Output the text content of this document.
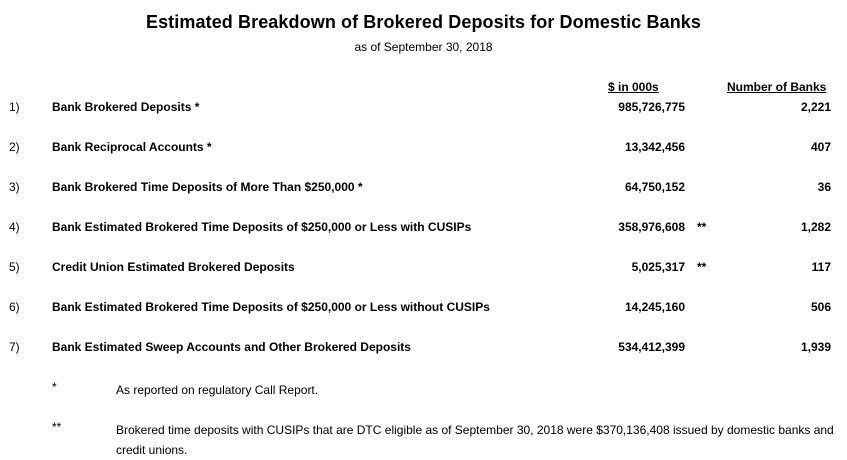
Estimated Breakdown of Brokered Deposits for Domestic Banks
as of September 30, 2018
$ in 000s	Number of Banks
1)	Bank Brokered Deposits *	985,726,775	2,221
2)	Bank Reciprocal Accounts *	13,342,456	407
3)	Bank Brokered Time Deposits of More Than $250,000 *	64,750,152	36
4)	Bank Estimated Brokered Time Deposits of $250,000 or Less with CUSIPs	358,976,608 **	1,282
5)	Credit Union Estimated Brokered Deposits	5,025,317 **	117
6)	Bank Estimated Brokered Time Deposits of $250,000 or Less without CUSIPs	14,245,160	506
7)	Bank Estimated Sweep Accounts and Other Brokered Deposits	534,412,399	1,939
*	As reported on regulatory Call Report.
**	Brokered time deposits with CUSIPs that are DTC eligible as of September 30, 2018 were $370,136,408 issued by domestic banks and credit unions.
